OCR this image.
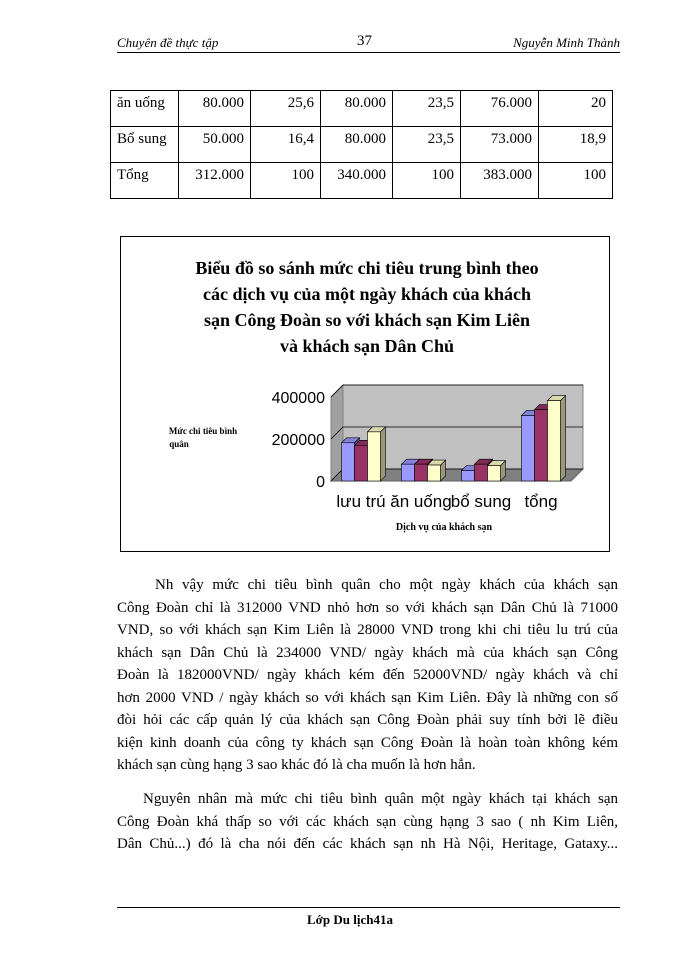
Chuyên đề thực tập	37	Nguyễn Minh Thành
ăn uống	80.000	25,6	80.000	23,5	76.000	20
Bổ sung	50.000	16,4	80.000	23,5	73.000	18,9
Tổng	312.000	100	340.000	100	383.000	100
Biểu đồ so sánh mức chi tiêu trung bình theo
các dịch vụ của một ngày khách của khách
sạn Công Đoàn so với khách sạn Kim Liên
và khách sạn Dân Chủ
400000
200000
0
lưu trú ăn uống bổ sung tổng
Mức chi tiêu bình
quân
Dịch vụ của khách sạn
Nh vậy mức chi tiêu bình quân cho một ngày khách của khách sạn
Công Đoàn chỉ là 312000 VND nhỏ hơn so với khách sạn Dân Chủ là 71000
VND, so với khách sạn Kim Liên là 28000 VND trong khi chi tiêu lu trú của
khách sạn Dân Chủ là 234000 VND/ ngày khách mà của khách sạn Công
Đoàn là 182000VND/ ngày khách kém đến 52000VND/ ngày khách và chỉ
hơn 2000 VND / ngày khách so với khách sạn Kim Liên. Đây là những con số
đòi hỏi các cấp quản lý của khách sạn Công Đoàn phải suy tính bởi lẽ điều
kiện kinh doanh của công ty khách sạn Công Đoàn là hoàn toàn không kém
khách sạn cùng hạng 3 sao khác đó là cha muốn là hơn hẳn.
Nguyên nhân mà mức chi tiêu bình quân một ngày khách tại khách sạn
Công Đoàn khá thấp so với các khách sạn cùng hạng 3 sao ( nh Kim Liên,
Dân Chủ...) đó là cha nói đến các khách sạn nh Hà Nội, Heritage, Gataxy...
Lớp Du lịch41a
